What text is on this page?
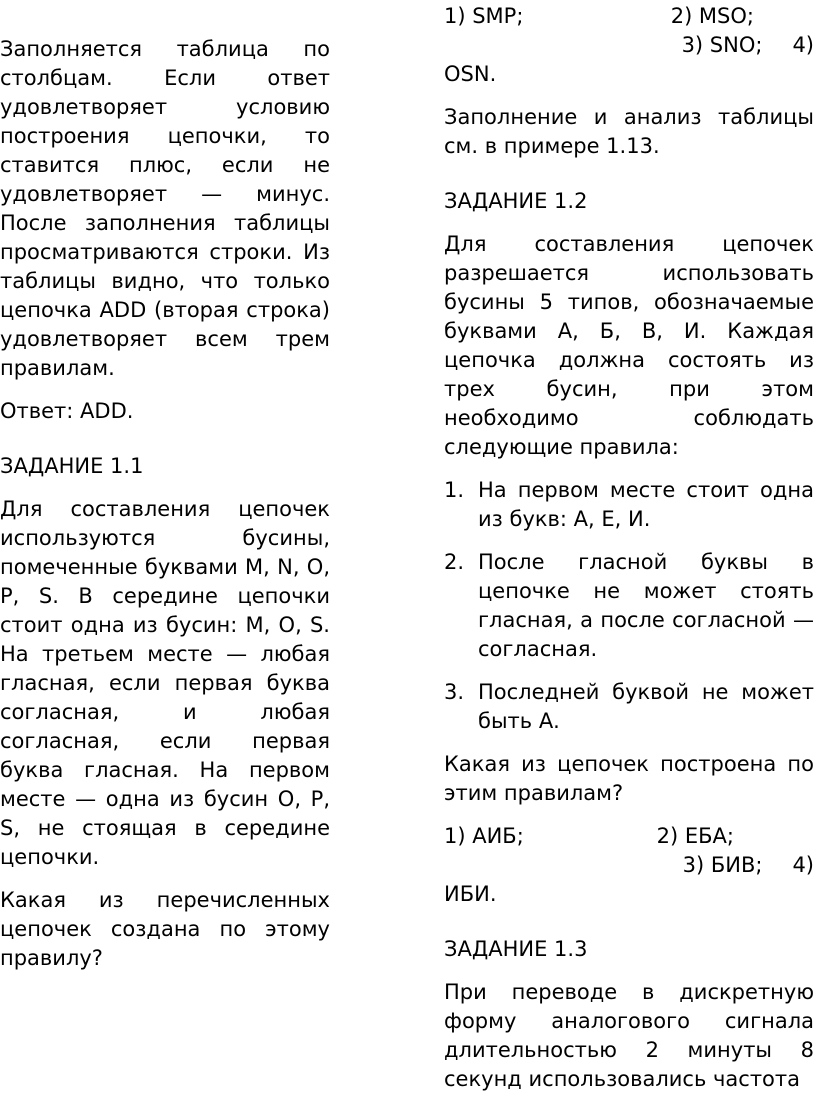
Заполняется таблица по столбцам. Если ответ удовлетворяет условию построения цепочки, то ставится плюс, если не удовлетворяет — минус. После заполнения таблицы просматриваются строки. Из таблицы видно, что только цепочка ADD (вторая строка) удовлетворяет всем трем правилам.

Ответ: ADD.

ЗАДАНИЕ 1.1

Для составления цепочек используются бусины, помеченные буквами M, N, O, P, S. В середине цепочки стоит одна из бусин: M, O, S. На третьем месте — любая гласная, если первая буква согласная, и любая согласная, если первая буква гласная. На первом месте — одна из бусин O, P, S, не стоящая в середине цепочки.

Какая из перечисленных цепочек создана по этому правилу?

1) SMP;	2) MSO;
3) SNO; 4)

OSN.

Заполнение и анализ таблицы см. в примере 1.13.

ЗАДАНИЕ 1.2

Для составления цепочек разрешается использовать бусины 5 типов, обозначаемые буквами А, Б, В, И. Каждая цепочка должна состоять из трех бусин, при этом необходимо соблюдать следующие правила:

1. На первом месте стоит одна из букв: А, Е, И.
2. После гласной буквы в цепочке не может стоять гласная, а после согласной — согласная.
3. Последней буквой не может быть А.

Какая из цепочек построена по этим правилам?

1) АИБ;	2) ЕБА;
3) БИВ; 4)

ИБИ.

ЗАДАНИЕ 1.3

При переводе в дискретную форму аналогового сигнала длительностью 2 минуты 8 секунд использовались частота
